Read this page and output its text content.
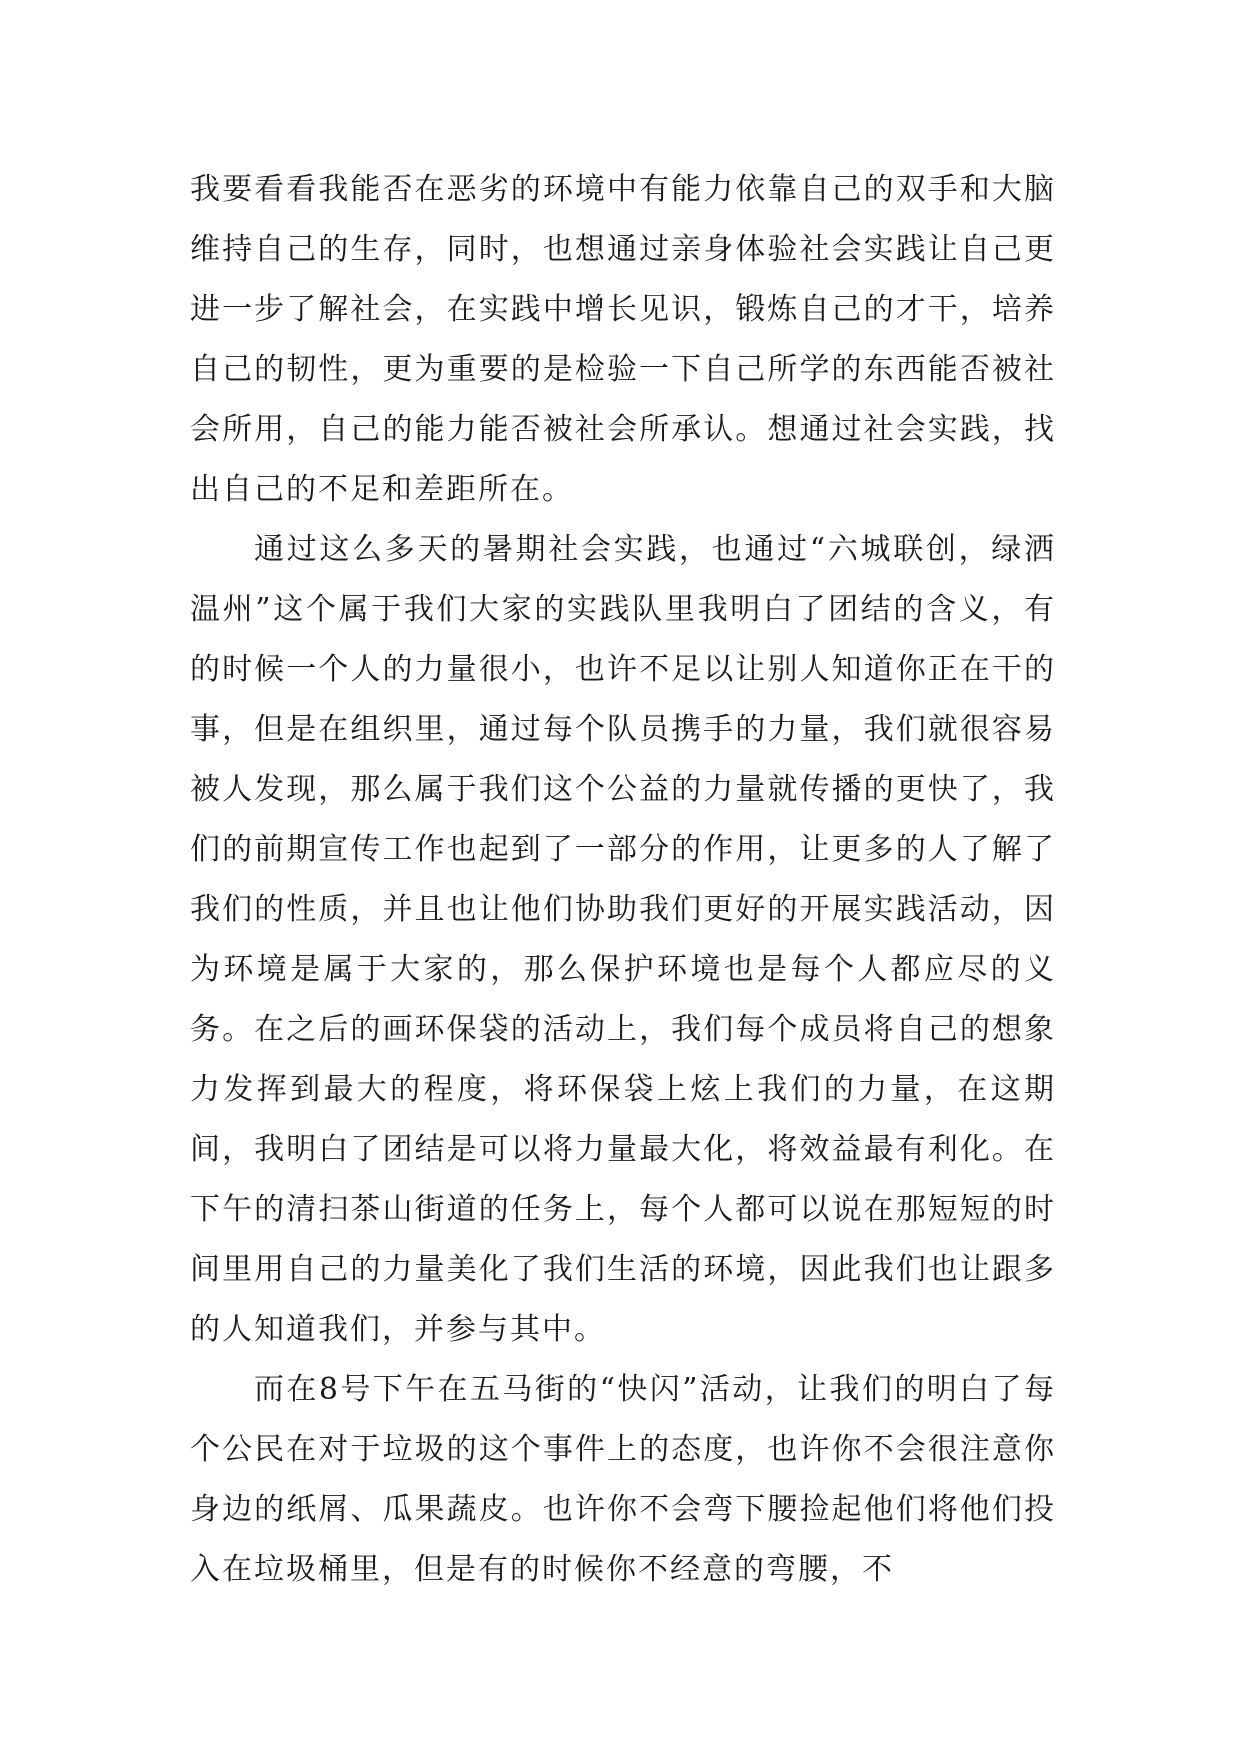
我要看看我能否在恶劣的环境中有能力依靠自己的双手和大脑维持自己的生存，同时，也想通过亲身体验社会实践让自己更进一步了解社会，在实践中增长见识，锻炼自己的才干，培养自己的韧性，更为重要的是检验一下自己所学的东西能否被社会所用，自己的能力能否被社会所承认。想通过社会实践，找出自己的不足和差距所在。

通过这么多天的暑期社会实践，也通过“六城联创，绿洒温州”这个属于我们大家的实践队里我明白了团结的含义，有的时候一个人的力量很小，也许不足以让别人知道你正在干的事，但是在组织里，通过每个队员携手的力量，我们就很容易被人发现，那么属于我们这个公益的力量就传播的更快了，我们的前期宣传工作也起到了一部分的作用，让更多的人了解了我们的性质，并且也让他们协助我们更好的开展实践活动，因为环境是属于大家的，那么保护环境也是每个人都应尽的义务。在之后的画环保袋的活动上，我们每个成员将自己的想象力发挥到最大的程度，将环保袋上炫上我们的力量，在这期间，我明白了团结是可以将力量最大化，将效益最有利化。在下午的清扫茶山街道的任务上，每个人都可以说在那短短的时间里用自己的力量美化了我们生活的环境，因此我们也让跟多的人知道我们，并参与其中。

而在8号下午在五马街的“快闪”活动，让我们的明白了每个公民在对于垃圾的这个事件上的态度，也许你不会很注意你身边的纸屑、瓜果蔬皮。也许你不会弯下腰捡起他们将他们投入在垃圾桶里，但是有的时候你不经意的弯腰，不
